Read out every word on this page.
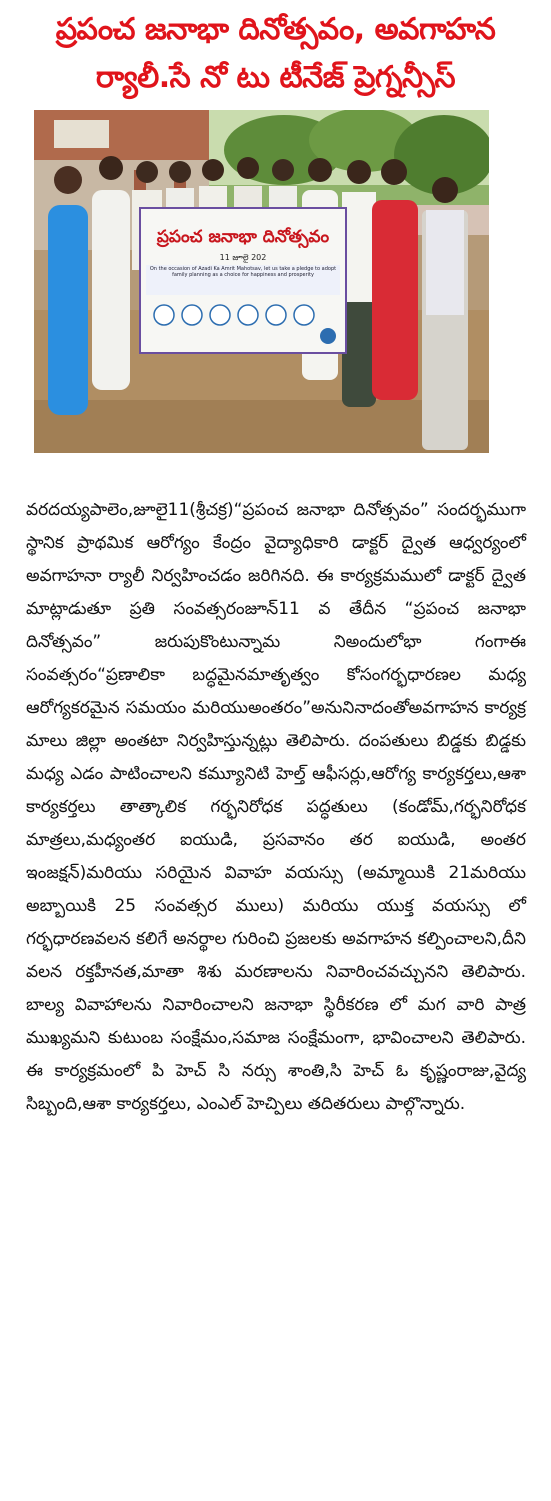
ప్రపంచ జనాభా దినోత్సవం, అవగాహన
ర్యాలీ.సే నో టు టీనేజ్ ప్రెగ్నన్సీస్
ప్రపంచ జనాభా దినోత్సవం
11 జూలై 202
On the occasion of Azadi Ka Amrit Mahotsav, let us take a pledge to adopt family planning as a choice for happiness and prosperity

వరదయ్యపాలెం,జూలై11(శ్రీచక్ర)“ప్రపంచ జనాభా దినోత్సవం” సందర్భముగా స్థానిక ప్రాథమిక ఆరోగ్యం కేంద్రం వైద్యాధికారి డాక్టర్ ద్వైత ఆధ్వర్యంలో అవగాహనా ర్యాలీ నిర్వహించడం జరిగినది. ఈ కార్యక్రమములో డాక్టర్ ద్వైత మాట్లాడుతూ ప్రతి సంవత్సరంజూన్11 వ తేదీన “ప్రపంచ జనాభా దినోత్సవం” జరుపుకొంటున్నామ నిఅందులోభా గంగాఈ సంవత్సరం“ప్రణాలికా బద్ధమైనమాతృత్వం కోసంగర్భధారణల మధ్య ఆరోగ్యకరమైన సమయం మరియుఅంతరం”అనునినాదంతోఅవగాహన కార్యక్ర మాలు జిల్లా అంతటా నిర్వహిస్తున్నట్లు తెలిపారు. దంపతులు బిడ్డకు బిడ్డకు మధ్య ఎడం పాటించాలని కమ్యూనిటి హెల్త్ ఆఫీసర్లు,ఆరోగ్య కార్యకర్తలు,ఆశా కార్యకర్తలు తాత్కాలిక గర్భనిరోధక పద్ధతులు (కండోమ్,గర్భనిరోధక మాత్రలు,మధ్యంతర ఐయుడి, ప్రసవానం తర ఐయుడి, అంతర ఇంజక్షన్)మరియు సరియైన వివాహ వయస్సు (అమ్మాయికి 21మరియు అబ్బాయికి 25 సంవత్సర ములు) మరియు యుక్త వయస్సు లో గర్భధారణవలన కలిగే అనర్థాల గురించి ప్రజలకు అవగాహన కల్పించాలని,దీని వలన రక్తహీనత,మాతా శిశు మరణాలను నివారించవచ్చునని తెలిపారు. బాల్య వివాహాలను నివారించాలని జనాభా స్థిరీకరణ లో మగ వారి పాత్ర ముఖ్యమని కుటుంబ సంక్షేమం,సమాజ సంక్షేమంగా, భావించాలని తెలిపారు. ఈ కార్యక్రమంలో పి హెచ్ సి నర్సు శాంతి,సి హెచ్ ఓ కృష్ణంరాజు,వైద్య సిబ్బంది,ఆశా కార్యకర్తలు, ఎంఎల్ హెచ్పిలు తదితరులు పాల్గొన్నారు.
